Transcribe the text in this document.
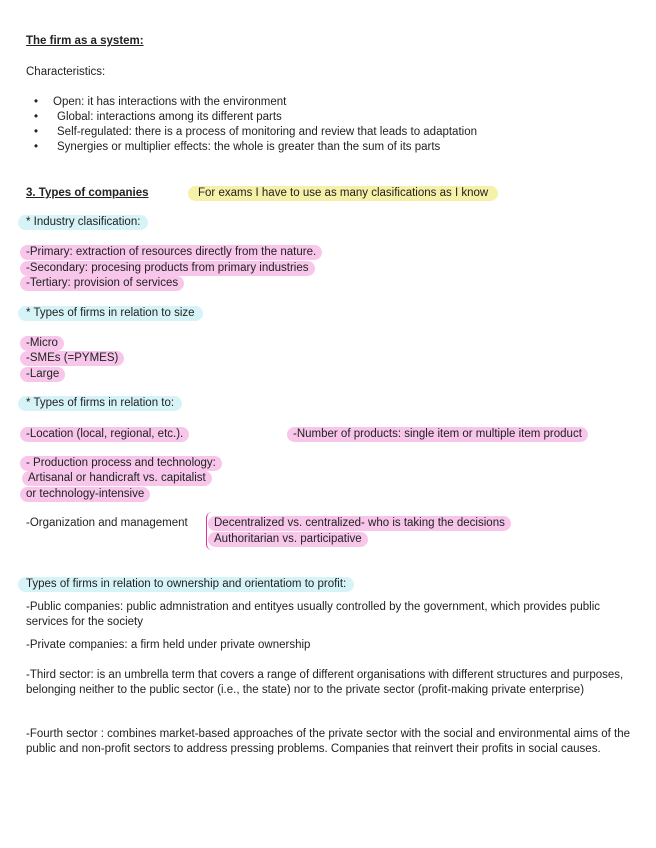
The firm as a system:
Characteristics:
• Open: it has interactions with the environment
• Global: interactions among its different parts
• Self-regulated: there is a process of monitoring and review that leads to adaptation
• Synergies or multiplier effects: the whole is greater than the sum of its parts
3. Types of companies	For exams I have to use as many clasifications as I know
* Industry clasification:
-Primary: extraction of resources directly from the nature.
-Secondary: procesing products from primary industries
-Tertiary: provision of services
* Types of firms in relation to size
-Micro
-SMEs (=PYMES)
-Large
* Types of firms in relation to:
-Location (local, regional, etc.).	-Number of products: single item or multiple item product
- Production process and technology:
Artisanal or handicraft vs. capitalist
or technology-intensive
-Organization and management	Decentralized vs. centralized- who is taking the decisions
Authoritarian vs. participative
Types of firms in relation to ownership and orientatiom to profit:
-Public companies: public admnistration and entityes usually controlled by the government, which provides public services for the society
-Private companies: a firm held under private ownership
-Third sector: is an umbrella term that covers a range of different organisations with different structures and purposes, belonging neither to the public sector (i.e., the state) nor to the private sector (profit-making private enterprise)
-Fourth sector : combines market-based approaches of the private sector with the social and environmental aims of the public and non-profit sectors to address pressing problems. Companies that reinvert their profits in social causes.
